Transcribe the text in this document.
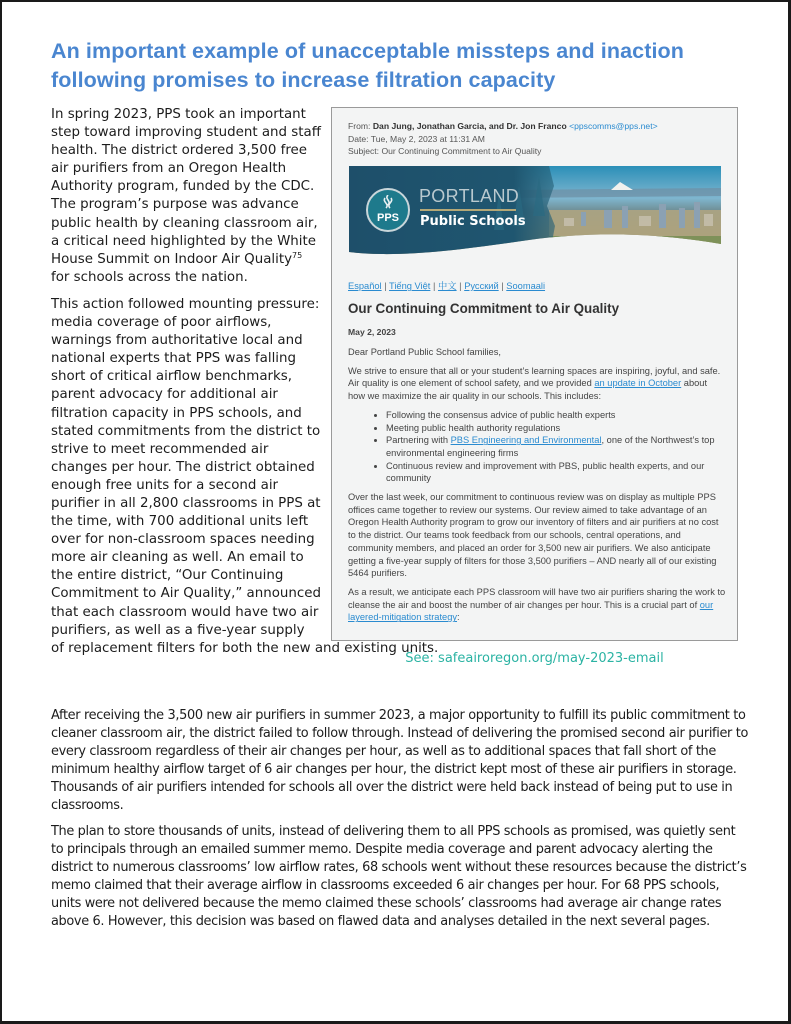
An important example of unacceptable missteps and inaction following promises to increase filtration capacity

In spring 2023, PPS took an important step toward improving student and staff health. The district ordered 3,500 free air purifiers from an Oregon Health Authority program, funded by the CDC. The program’s purpose was advance public health by cleaning classroom air, a critical need highlighted by the White House Summit on Indoor Air Quality$^{75}$ for schools across the nation.

This action followed mounting pressure: media coverage of poor airflows, warnings from authoritative local and national experts that PPS was falling short of critical airflow benchmarks, parent advocacy for additional air filtration capacity in PPS schools, and stated commitments from the district to strive to meet recommended air changes per hour. The district obtained enough free units for a second air purifier in all 2,800 classrooms in PPS at the time, with 700 additional units left over for non-classroom spaces needing more air cleaning as well. An email to the entire district, “Our Continuing Commitment to Air Quality,” announced that each classroom would have two air purifiers, as well as a five-year supply
of replacement filters for both the new and existing units.

From: Dan Jung, Jonathan Garcia, and Dr. Jon Franco <ppscomms@pps.net>
Date: Tue, May 2, 2023 at 11:31 AM
Subject: Our Continuing Commitment to Air Quality
PPS
PORTLAND
Public Schools
Español | Tiếng Việt | 中文 | Русский | Soomaali
Our Continuing Commitment to Air Quality
May 2, 2023

Dear Portland Public School families,

We strive to ensure that all or your student’s learning spaces are inspiring, joyful, and safe. Air quality is one element of school safety, and we provided an update in October about how we maximize the air quality in our schools. This includes:

• Following the consensus advice of public health experts
• Meeting public health authority regulations
• Partnering with PBS Engineering and Environmental, one of the Northwest’s top environmental engineering firms
• Continuous review and improvement with PBS, public health experts, and our community

Over the last week, our commitment to continuous review was on display as multiple PPS offices came together to review our systems. Our review aimed to take advantage of an Oregon Health Authority program to grow our inventory of filters and air purifiers at no cost to the district. Our teams took feedback from our schools, central operations, and community members, and placed an order for 3,500 new air purifiers. We also anticipate getting a five-year supply of filters for those 3,500 purifiers – AND nearly all of our existing 5464 purifiers.

As a result, we anticipate each PPS classroom will have two air purifiers sharing the work to cleanse the air and boost the number of air changes per hour. This is a crucial part of our layered-mitigation strategy:

See: safeairoregon.org/may-2023-email

After receiving the 3,500 new air purifiers in summer 2023, a major opportunity to fulfill its public commitment to cleaner classroom air, the district failed to follow through. Instead of delivering the promised second air purifier to every classroom regardless of their air changes per hour, as well as to additional spaces that fall short of the minimum healthy airflow target of 6 air changes per hour, the district kept most of these air purifiers in storage. Thousands of air purifiers intended for schools all over the district were held back instead of being put to use in classrooms.

The plan to store thousands of units, instead of delivering them to all PPS schools as promised, was quietly sent to principals through an emailed summer memo. Despite media coverage and parent advocacy alerting the district to numerous classrooms’ low airflow rates, 68 schools went without these resources because the district’s memo claimed that their average airflow in classrooms exceeded 6 air changes per hour. For 68 PPS schools, units were not delivered because the memo claimed these schools’ classrooms had average air change rates above 6. However, this decision was based on flawed data and analyses detailed in the next several pages.
